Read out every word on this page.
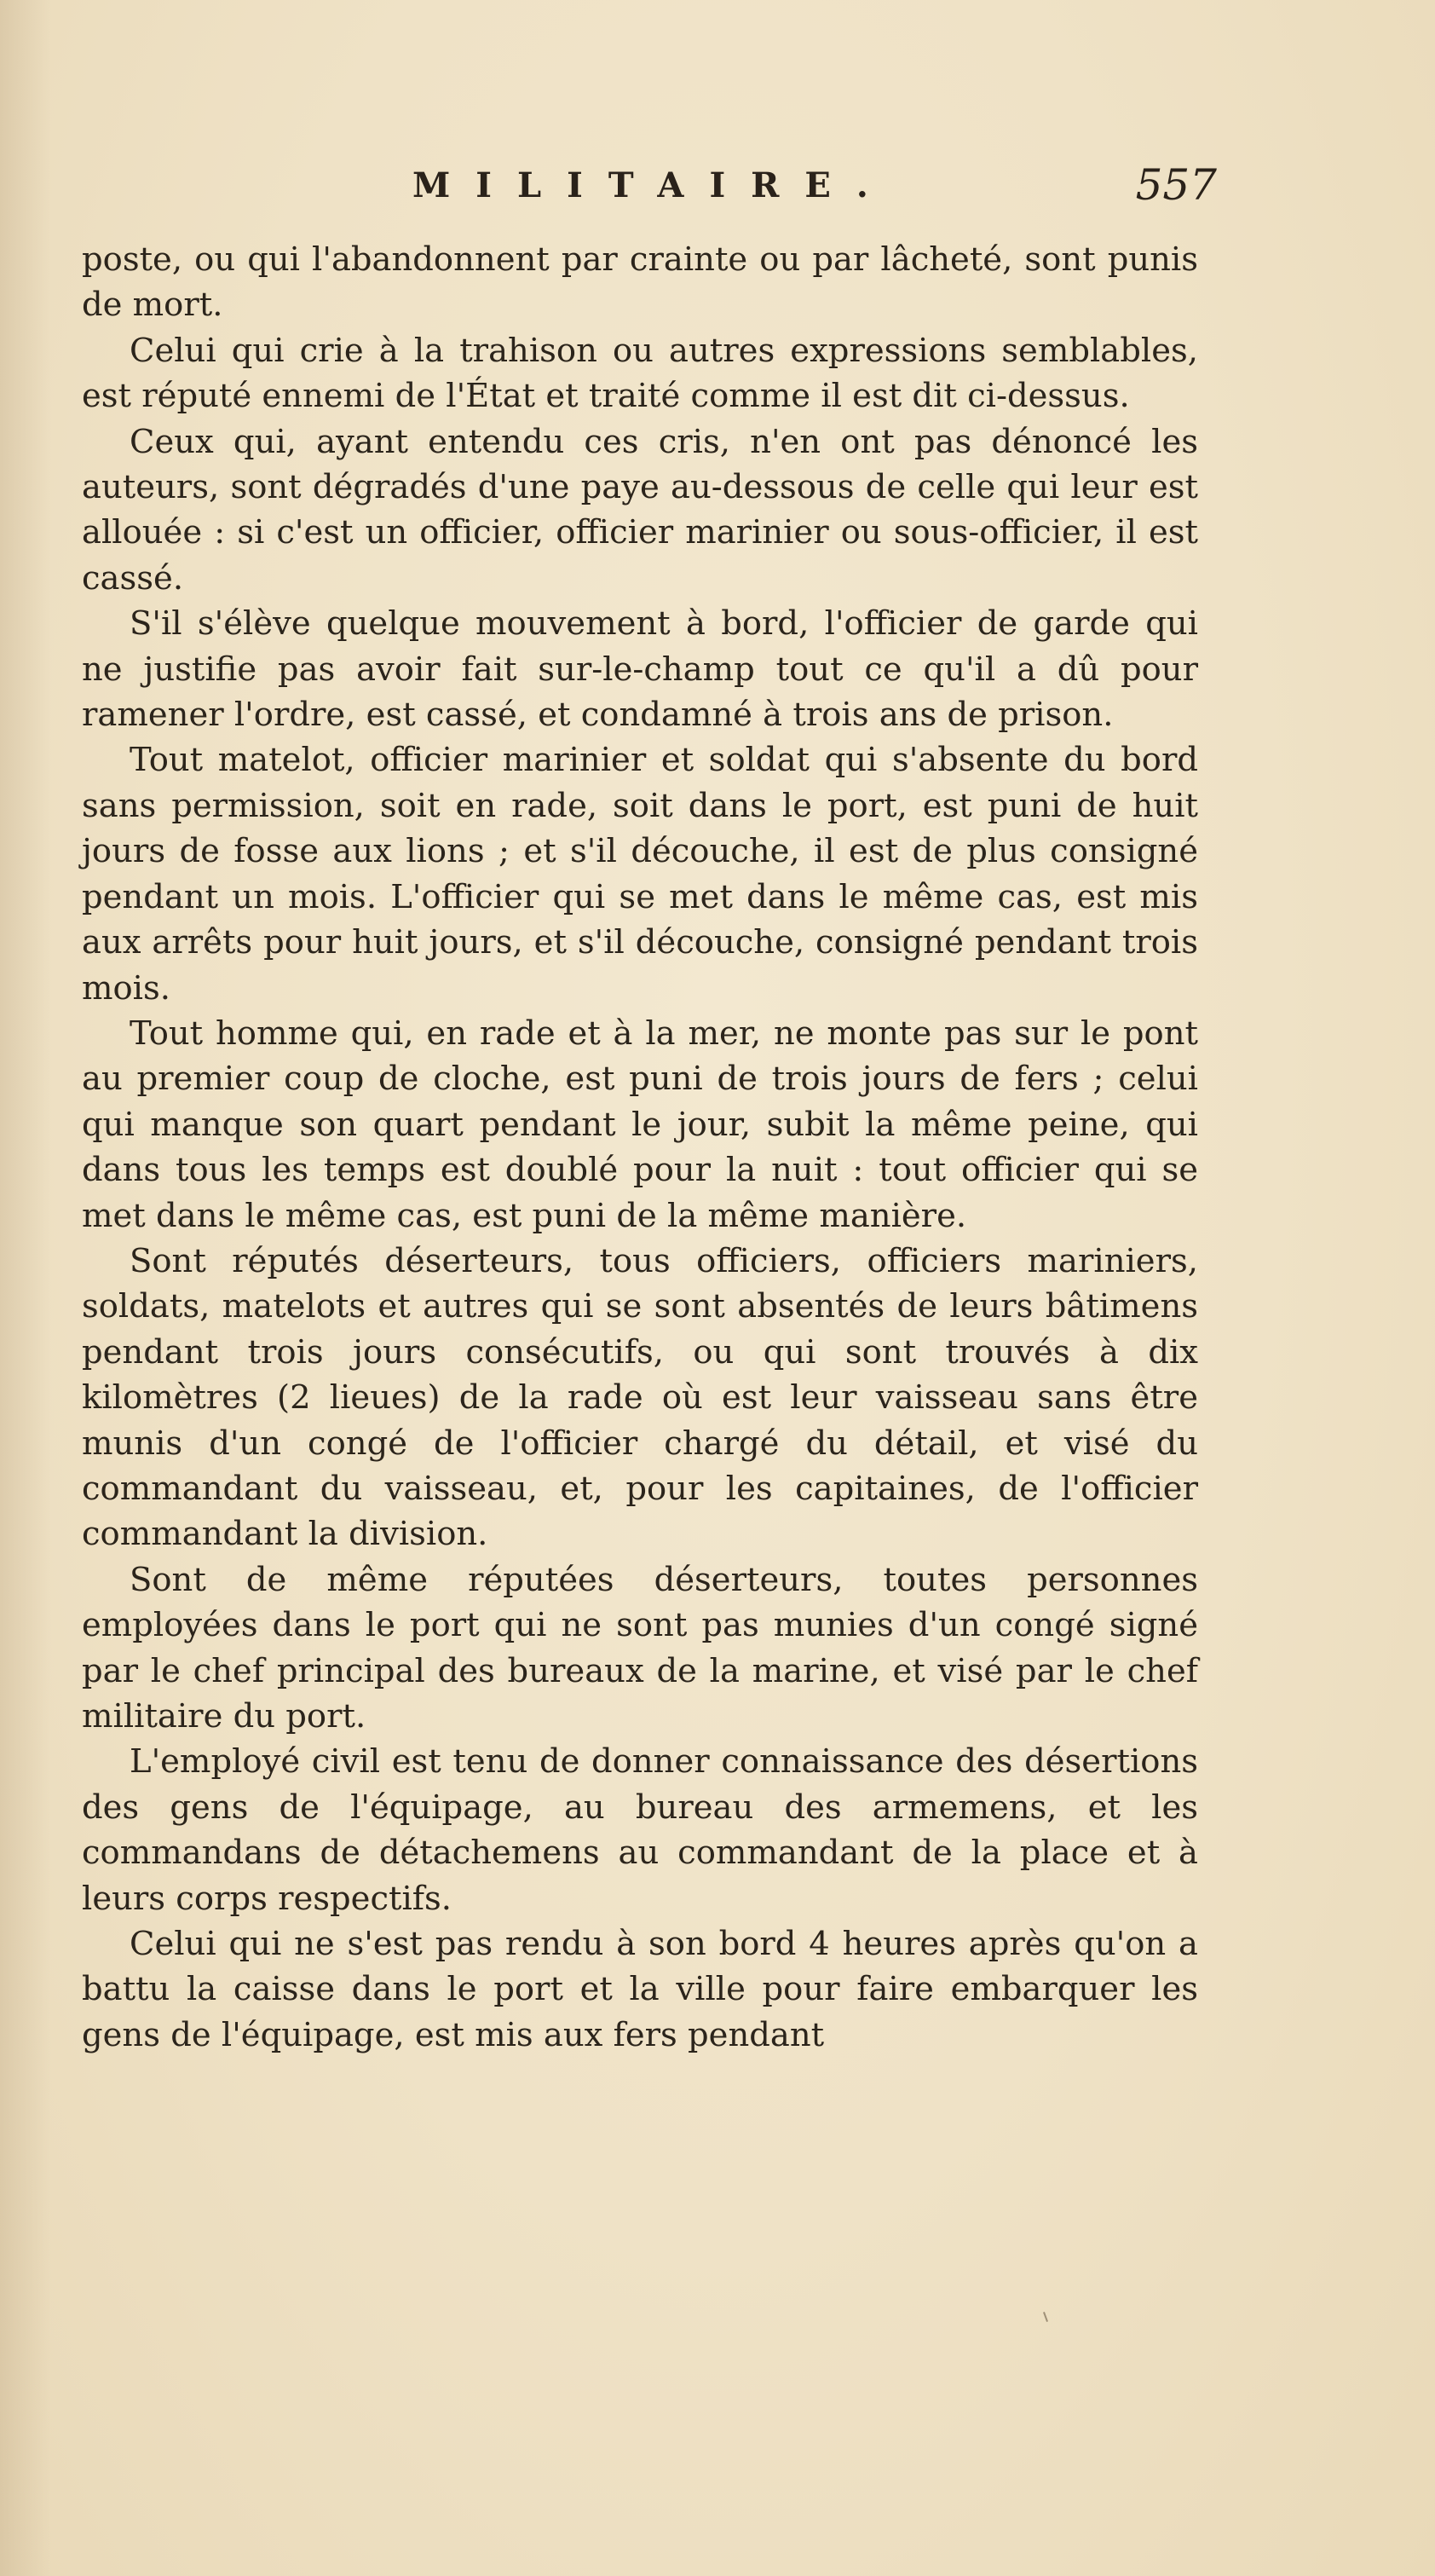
MILITAIRE.	557

poste, ou qui l'abandonnent par crainte ou par lâcheté, sont punis de mort.

Celui qui crie à la trahison ou autres expressions semblables, est réputé ennemi de l'État et traité comme il est dit ci-dessus.

Ceux qui, ayant entendu ces cris, n'en ont pas dénoncé les auteurs, sont dégradés d'une paye au-dessous de celle qui leur est allouée : si c'est un officier, officier marinier ou sous-officier, il est cassé.

S'il s'élève quelque mouvement à bord, l'officier de garde qui ne justifie pas avoir fait sur-le-champ tout ce qu'il a dû pour ramener l'ordre, est cassé, et condamné à trois ans de prison.

Tout matelot, officier marinier et soldat qui s'absente du bord sans permission, soit en rade, soit dans le port, est puni de huit jours de fosse aux lions ; et s'il découche, il est de plus consigné pendant un mois. L'officier qui se met dans le même cas, est mis aux arrêts pour huit jours, et s'il découche, consigné pendant trois mois.

Tout homme qui, en rade et à la mer, ne monte pas sur le pont au premier coup de cloche, est puni de trois jours de fers ; celui qui manque son quart pendant le jour, subit la même peine, qui dans tous les temps est doublé pour la nuit : tout officier qui se met dans le même cas, est puni de la même manière.

Sont réputés déserteurs, tous officiers, officiers mariniers, soldats, matelots et autres qui se sont absentés de leurs bâtimens pendant trois jours consécutifs, ou qui sont trouvés à dix kilomètres (2 lieues) de la rade où est leur vaisseau sans être munis d'un congé de l'officier chargé du détail, et visé du commandant du vaisseau, et, pour les capitaines, de l'officier commandant la division.

Sont de même réputées déserteurs, toutes personnes employées dans le port qui ne sont pas munies d'un congé signé par le chef principal des bureaux de la marine, et visé par le chef militaire du port.

L'employé civil est tenu de donner connaissance des désertions des gens de l'équipage, au bureau des armemens, et les commandans de détachemens au commandant de la place et à leurs corps respectifs.

Celui qui ne s'est pas rendu à son bord 4 heures après qu'on a battu la caisse dans le port et la ville pour faire embarquer les gens de l'équipage, est mis aux fers pendant
